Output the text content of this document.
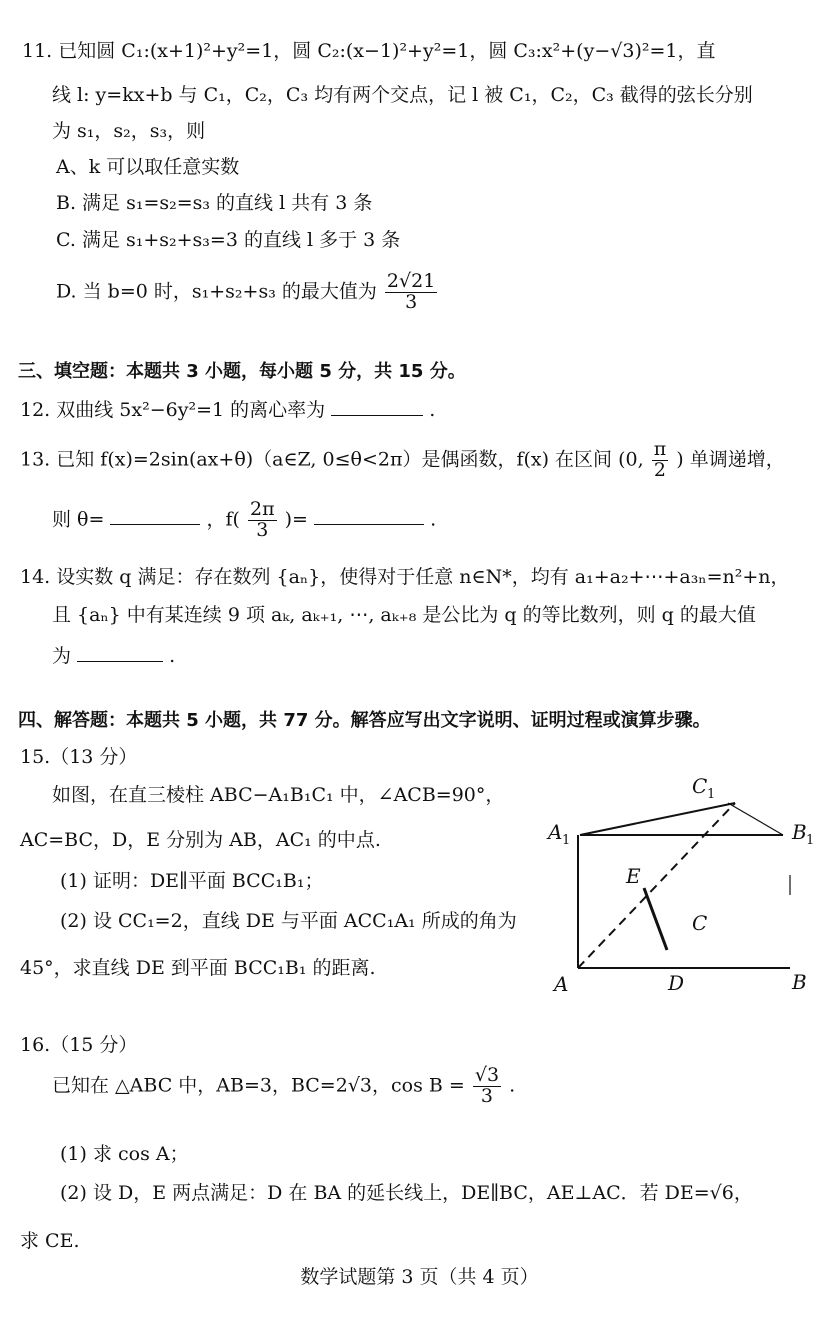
11. 已知圆 C₁:(x+1)²+y²=1，圆 C₂:(x−1)²+y²=1，圆 C₃:x²+(y−√3)²=1，直
线 l: y=kx+b 与 C₁，C₂，C₃ 均有两个交点，记 l 被 C₁，C₂，C₃ 截得的弦长分别
为 s₁，s₂，s₃，则
A、k 可以取任意实数
B. 满足 s₁=s₂=s₃ 的直线 l 共有 3 条
C. 满足 s₁+s₂+s₃=3 的直线 l 多于 3 条
D. 当 b=0 时，s₁+s₂+s₃ 的最大值为 $\frac{2√21}{3}$
三、填空题：本题共 3 小题，每小题 5 分，共 15 分。
12. 双曲线 5x²−6y²=1 的离心率为	.
13. 已知 f(x)=2sin(ax+θ)（a∈Z, 0≤θ<2π）是偶函数，f(x) 在区间 (0, $\frac{\pi}{2}$ ) 单调递增，
则 θ=	，$f( \frac{2\pi}{3}$ )=	.
14. 设实数 q 满足：存在数列 {aₙ}，使得对于任意 n∈N*，均有 a₁+a₂+⋯+a₃ₙ=n²+n，
且 {aₙ} 中有某连续 9 项 aₖ, aₖ₊₁, ⋯, aₖ₊₈ 是公比为 q 的等比数列，则 q 的最大值
为	.
四、解答题：本题共 5 小题，共 77 分。解答应写出文字说明、证明过程或演算步骤。
15.（13 分）
如图，在直三棱柱 ABC−A₁B₁C₁ 中，∠ACB=90°，
AC=BC，D，E 分别为 AB，AC₁ 的中点.
(1) 证明：DE∥平面 BCC₁B₁；
(2) 设 CC₁=2，直线 DE 与平面 ACC₁A₁ 所成的角为
45°，求直线 DE 到平面 BCC₁B₁ 的距离.
C 1
A 1	B 1
E
C
A	D	B
16.（15 分）
已知在 △ABC 中，AB=3，BC=2√3，$\cos B = \frac{√3}{3}$ .
(1) 求 cos A；
(2) 设 D，E 两点满足：D 在 BA 的延长线上，DE∥BC，AE⊥AC．若 DE=√6，
求 CE.
数学试题第 3 页（共 4 页）
